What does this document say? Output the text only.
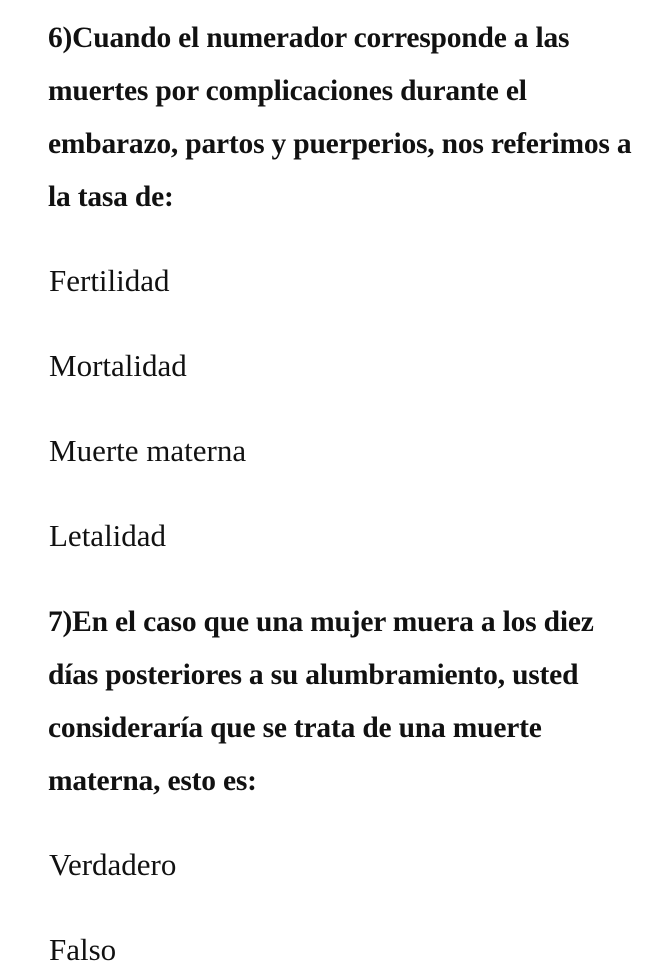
6)Cuando el numerador corresponde a las
muertes por complicaciones durante el
embarazo, partos y puerperios, nos referimos a
la tasa de:
Fertilidad
Mortalidad
Muerte materna
Letalidad
7)En el caso que una mujer muera a los diez
días posteriores a su alumbramiento, usted
consideraría que se trata de una muerte
materna, esto es:
Verdadero
Falso
